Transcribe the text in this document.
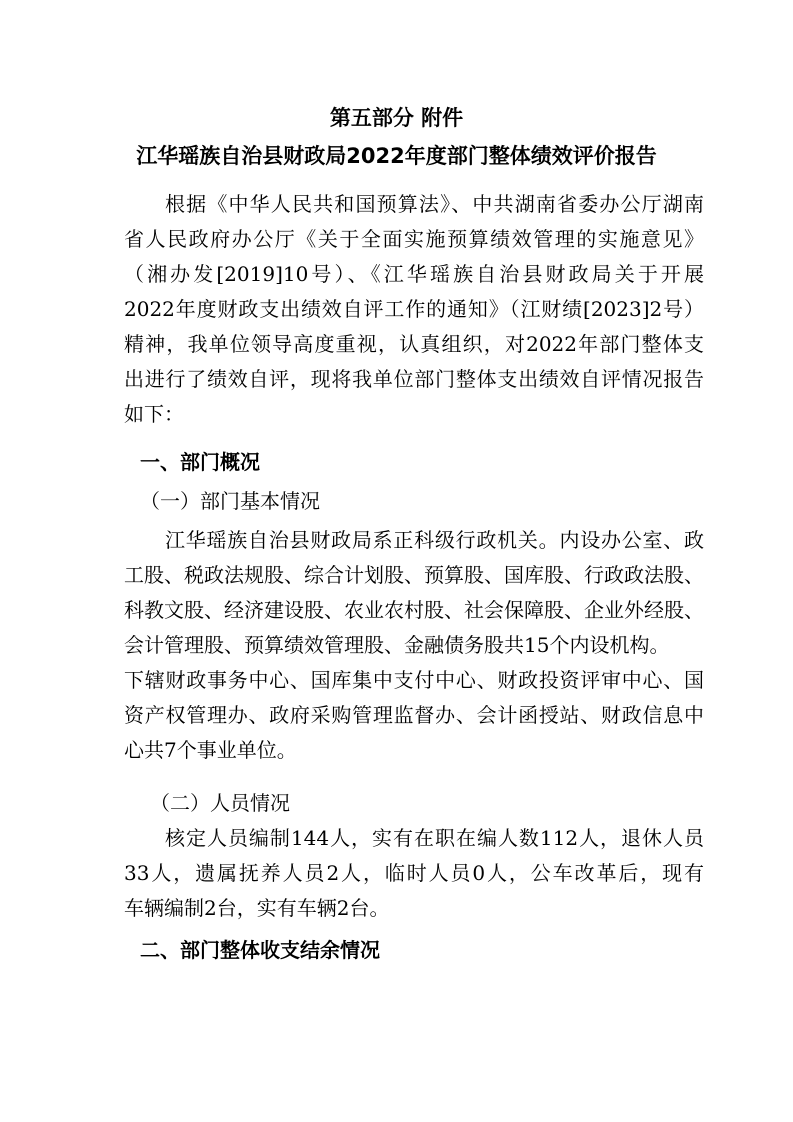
第五部分 附件
江华瑶族自治县财政局2022年度部门整体绩效评价报告
根据《中华人民共和国预算法》、中共湖南省委办公厅湖南
省人民政府办公厅《关于全面实施预算绩效管理的实施意见》
（湘办发[2019]10号）、《江华瑶族自治县财政局关于开展
2022年度财政支出绩效自评工作的通知》（江财绩[2023]2号）
精神，我单位领导高度重视，认真组织，对2022年部门整体支
出进行了绩效自评，现将我单位部门整体支出绩效自评情况报告
如下：
一、部门概况
（一）部门基本情况
江华瑶族自治县财政局系正科级行政机关。内设办公室、政
工股、税政法规股、综合计划股、预算股、国库股、行政政法股、
科教文股、经济建设股、农业农村股、社会保障股、企业外经股、
会计管理股、预算绩效管理股、金融债务股共15个内设机构。
下辖财政事务中心、国库集中支付中心、财政投资评审中心、国
资产权管理办、政府采购管理监督办、会计函授站、财政信息中
心共7个事业单位。
（二）人员情况
核定人员编制144人，实有在职在编人数112人，退休人员
33人，遗属抚养人员2人，临时人员0人，公车改革后，现有
车辆编制2台，实有车辆2台。
二、部门整体收支结余情况
